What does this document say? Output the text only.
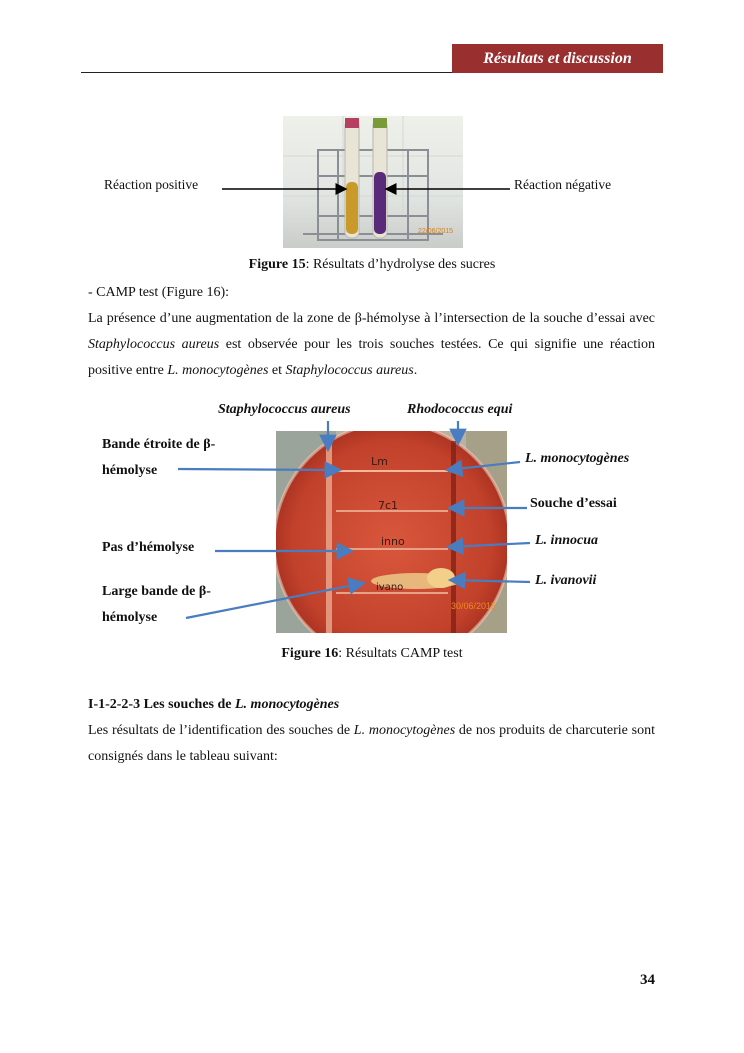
Résultats et discussion
22/06/2015
Réaction positive	Réaction négative
Figure 15: Résultats d’hydrolyse des sucres
- CAMP test (Figure 16):
La présence d’une augmentation de la zone de β-hémolyse à l’intersection de la souche d’essai avec Staphylococcus aureus est observée pour les trois souches testées. Ce qui signifie une réaction positive entre L. monocytogènes et Staphylococcus aureus.
Lm
7c1
inno
ivano
30/06/2015
Staphylococcus aureus	Rhodococcus equi
Bande étroite de β-
hémolyse
Pas d’hémolyse
Large bande de β-
hémolyse
L. monocytogènes
Souche d’essai
L. innocua
L. ivanovii
Figure 16: Résultats CAMP test
I-1-2-2-3 Les souches de L. monocytogènes
Les résultats de l’identification des souches de L. monocytogènes de nos produits de charcuterie sont consignés dans le tableau suivant:
34
